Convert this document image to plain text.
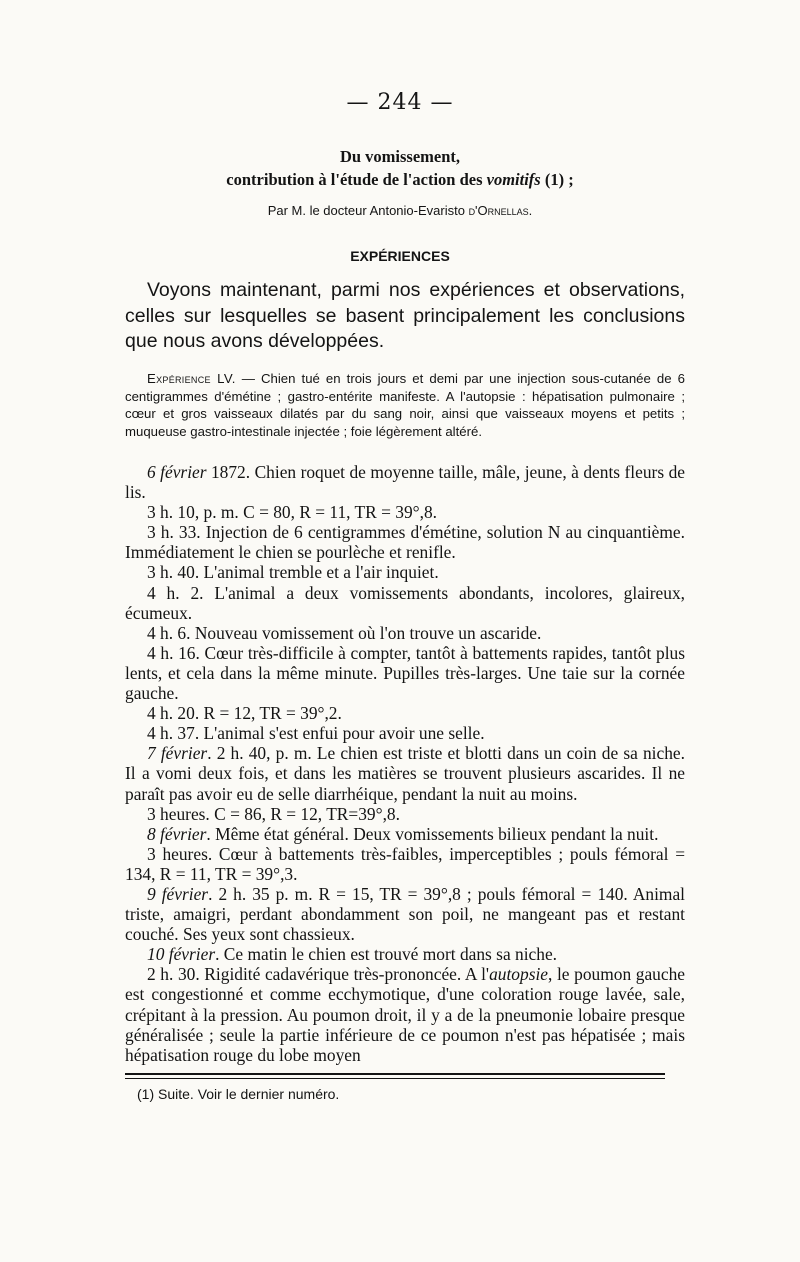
— 244 —
Du vomissement,
contribution à l'étude de l'action des vomitifs (1) ;
Par M. le docteur Antonio-Evaristo d'Ornellas.
EXPÉRIENCES

Voyons maintenant, parmi nos expériences et observations, celles sur lesquelles se basent principalement les conclusions que nous avons développées.

Expérience LV. — Chien tué en trois jours et demi par une injection sous-cutanée de 6 centigrammes d'émétine ; gastro-entérite manifeste. A l'autopsie : hépatisation pulmonaire ; cœur et gros vaisseaux dilatés par du sang noir, ainsi que vaisseaux moyens et petits ; muqueuse gastro-intestinale injectée ; foie légèrement altéré.

6 février 1872. Chien roquet de moyenne taille, mâle, jeune, à dents fleurs de lis.

3 h. 10, p. m. C = 80, R = 11, TR = 39°,8.

3 h. 33. Injection de 6 centigrammes d'émétine, solution N au cinquantième. Immédiatement le chien se pourlèche et renifle.

3 h. 40. L'animal tremble et a l'air inquiet.

4 h. 2. L'animal a deux vomissements abondants, incolores, glaireux, écumeux.

4 h. 6. Nouveau vomissement où l'on trouve un ascaride.

4 h. 16. Cœur très-difficile à compter, tantôt à battements rapides, tantôt plus lents, et cela dans la même minute. Pupilles très-larges. Une taie sur la cornée gauche.

4 h. 20. R = 12, TR = 39°,2.

4 h. 37. L'animal s'est enfui pour avoir une selle.

7 février. 2 h. 40, p. m. Le chien est triste et blotti dans un coin de sa niche. Il a vomi deux fois, et dans les matières se trouvent plusieurs ascarides. Il ne paraît pas avoir eu de selle diarrhéique, pendant la nuit au moins.

3 heures. C = 86, R = 12, TR=39°,8.

8 février. Même état général. Deux vomissements bilieux pendant la nuit.

3 heures. Cœur à battements très-faibles, imperceptibles ; pouls fémoral = 134, R = 11, TR = 39°,3.

9 février. 2 h. 35 p. m. R = 15, TR = 39°,8 ; pouls fémoral = 140. Animal triste, amaigri, perdant abondamment son poil, ne mangeant pas et restant couché. Ses yeux sont chassieux.

10 février. Ce matin le chien est trouvé mort dans sa niche.

2 h. 30. Rigidité cadavérique très-prononcée. A l'autopsie, le poumon gauche est congestionné et comme ecchymotique, d'une coloration rouge lavée, sale, crépitant à la pression. Au poumon droit, il y a de la pneumonie lobaire presque généralisée ; seule la partie inférieure de ce poumon n'est pas hépatisée ; mais hépatisation rouge du lobe moyen

(1) Suite. Voir le dernier numéro.
